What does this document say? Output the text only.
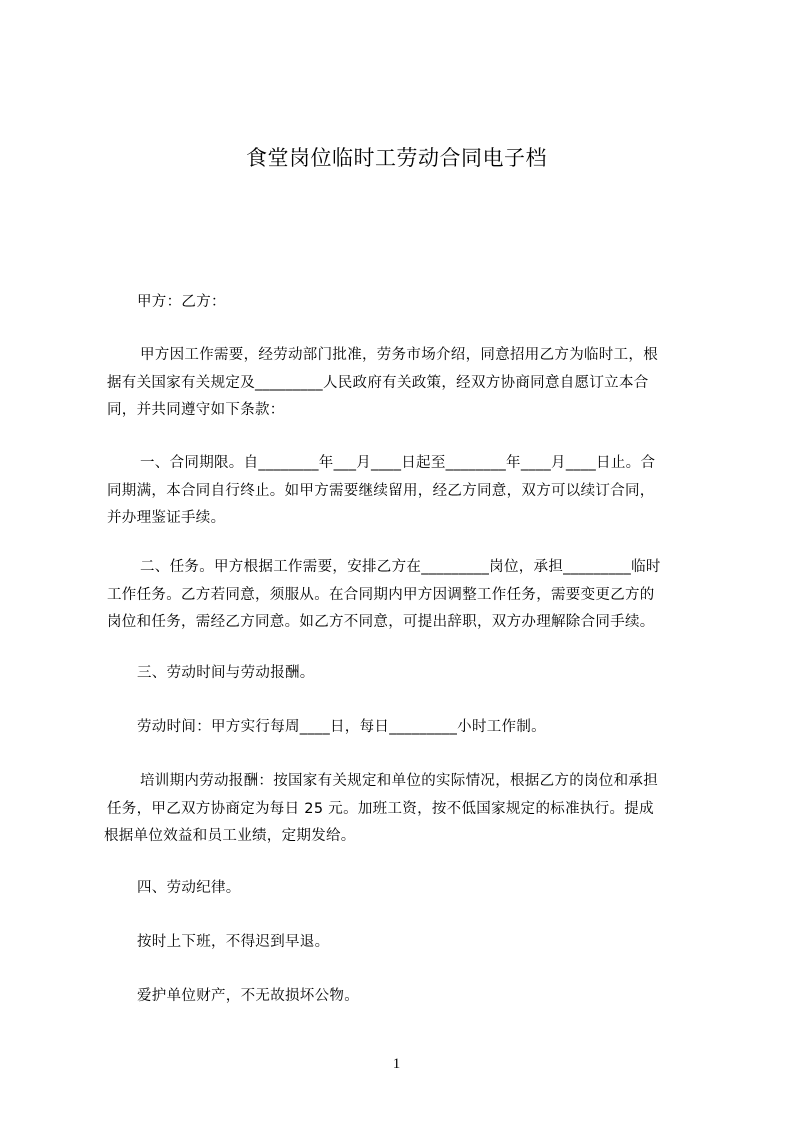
食堂岗位临时工劳动合同电子档
甲方：乙方：
甲方因工作需要，经劳动部门批准，劳务市场介绍，同意招用乙方为临时工，根
据有关国家有关规定及_________人民政府有关政策，经双方协商同意自愿订立本合
同，并共同遵守如下条款：
一、合同期限。自________年___月____日起至________年____月____日止。合
同期满，本合同自行终止。如甲方需要继续留用，经乙方同意，双方可以续订合同，
并办理鉴证手续。
二、任务。甲方根据工作需要，安排乙方在_________岗位，承担_________临时
工作任务。乙方若同意，须服从。在合同期内甲方因调整工作任务，需要变更乙方的
岗位和任务，需经乙方同意。如乙方不同意，可提出辞职，双方办理解除合同手续。
三、劳动时间与劳动报酬。
劳动时间：甲方实行每周____日，每日_________小时工作制。
培训期内劳动报酬：按国家有关规定和单位的实际情况，根据乙方的岗位和承担
任务，甲乙双方协商定为每日 25 元。加班工资，按不低国家规定的标准执行。提成
根据单位效益和员工业绩，定期发给。
四、劳动纪律。
按时上下班，不得迟到早退。
爱护单位财产，不无故损坏公物。
1
